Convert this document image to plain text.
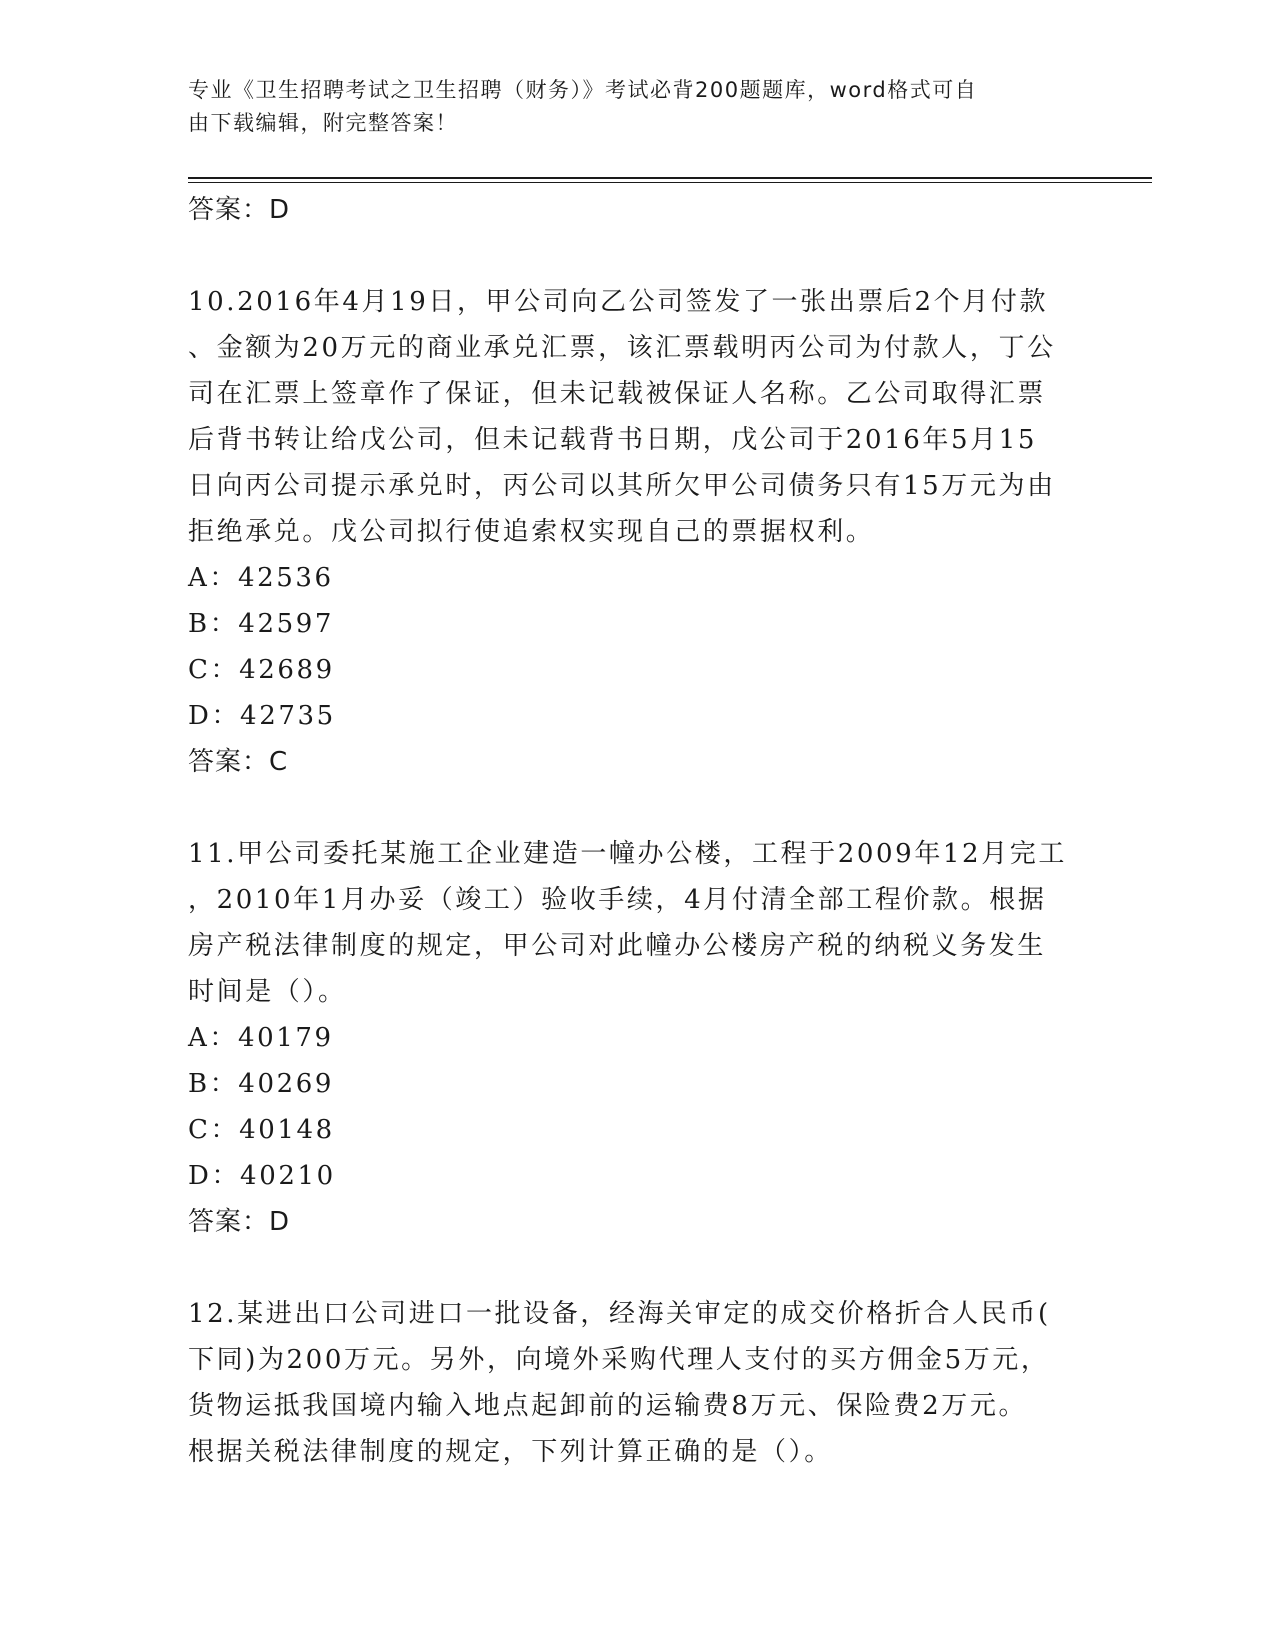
专业《卫生招聘考试之卫生招聘（财务）》考试必背200题题库，word格式可自
由下载编辑，附完整答案！
答案：D
10.2016年4月19日，甲公司向乙公司签发了一张出票后2个月付款
、金额为20万元的商业承兑汇票，该汇票载明丙公司为付款人，丁公
司在汇票上签章作了保证，但未记载被保证人名称。乙公司取得汇票
后背书转让给戊公司，但未记载背书日期，戊公司于2016年5月15
日向丙公司提示承兑时，丙公司以其所欠甲公司债务只有15万元为由
拒绝承兑。戊公司拟行使追索权实现自己的票据权利。
A：42536
B：42597
C：42689
D：42735
答案：C
11.甲公司委托某施工企业建造一幢办公楼，工程于2009年12月完工
，2010年1月办妥（竣工）验收手续，4月付清全部工程价款。根据
房产税法律制度的规定，甲公司对此幢办公楼房产税的纳税义务发生
时间是（）。
A：40179
B：40269
C：40148
D：40210
答案：D
12.某进出口公司进口一批设备，经海关审定的成交价格折合人民币(
下同)为200万元。另外，向境外采购代理人支付的买方佣金5万元，
货物运抵我国境内输入地点起卸前的运输费8万元、保险费2万元。
根据关税法律制度的规定，下列计算正确的是（）。
